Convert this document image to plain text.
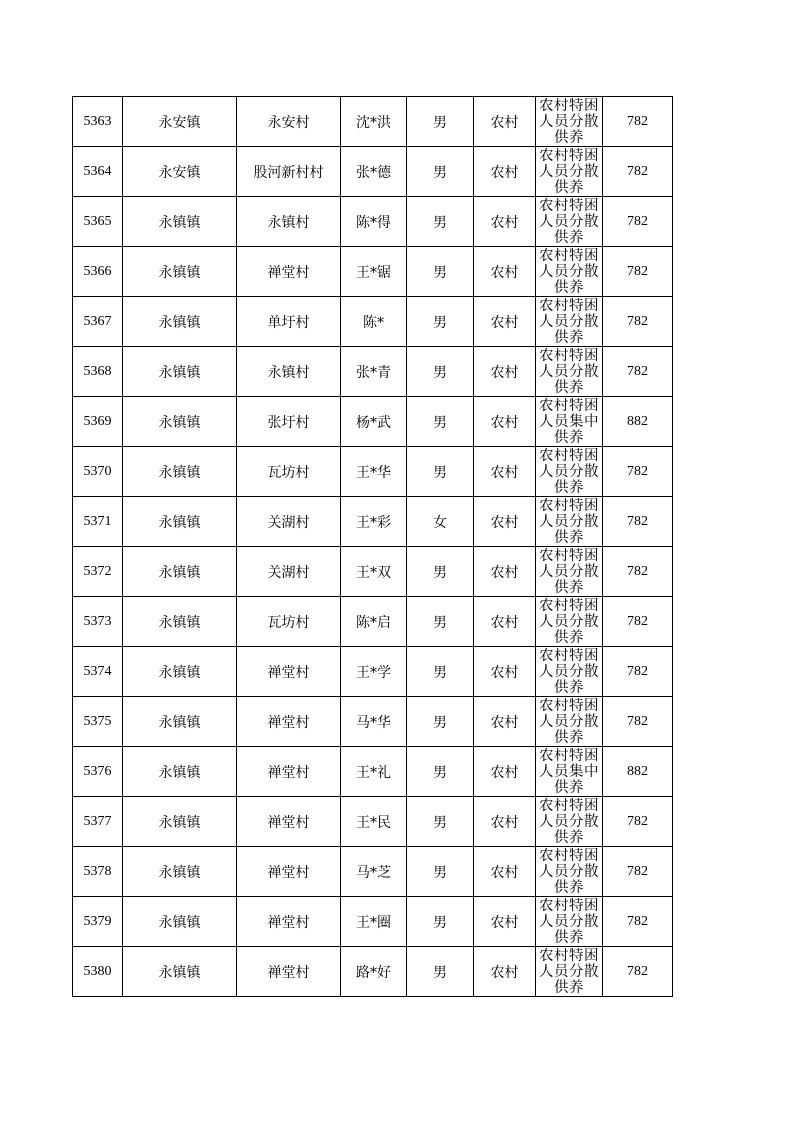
5363	永安镇	永安村	沈*洪	男	农村	农村特困人员分散供养	782
5364	永安镇	股河新村村	张*德	男	农村	农村特困人员分散供养	782
5365	永镇镇	永镇村	陈*得	男	农村	农村特困人员分散供养	782
5366	永镇镇	禅堂村	王*锯	男	农村	农村特困人员分散供养	782
5367	永镇镇	单圩村	陈*	男	农村	农村特困人员分散供养	782
5368	永镇镇	永镇村	张*青	男	农村	农村特困人员分散供养	782
5369	永镇镇	张圩村	杨*武	男	农村	农村特困人员集中供养	882
5370	永镇镇	瓦坊村	王*华	男	农村	农村特困人员分散供养	782
5371	永镇镇	关湖村	王*彩	女	农村	农村特困人员分散供养	782
5372	永镇镇	关湖村	王*双	男	农村	农村特困人员分散供养	782
5373	永镇镇	瓦坊村	陈*启	男	农村	农村特困人员分散供养	782
5374	永镇镇	禅堂村	王*学	男	农村	农村特困人员分散供养	782
5375	永镇镇	禅堂村	马*华	男	农村	农村特困人员分散供养	782
5376	永镇镇	禅堂村	王*礼	男	农村	农村特困人员集中供养	882
5377	永镇镇	禅堂村	王*民	男	农村	农村特困人员分散供养	782
5378	永镇镇	禅堂村	马*芝	男	农村	农村特困人员分散供养	782
5379	永镇镇	禅堂村	王*圈	男	农村	农村特困人员分散供养	782
5380	永镇镇	禅堂村	路*好	男	农村	农村特困人员分散供养	782
